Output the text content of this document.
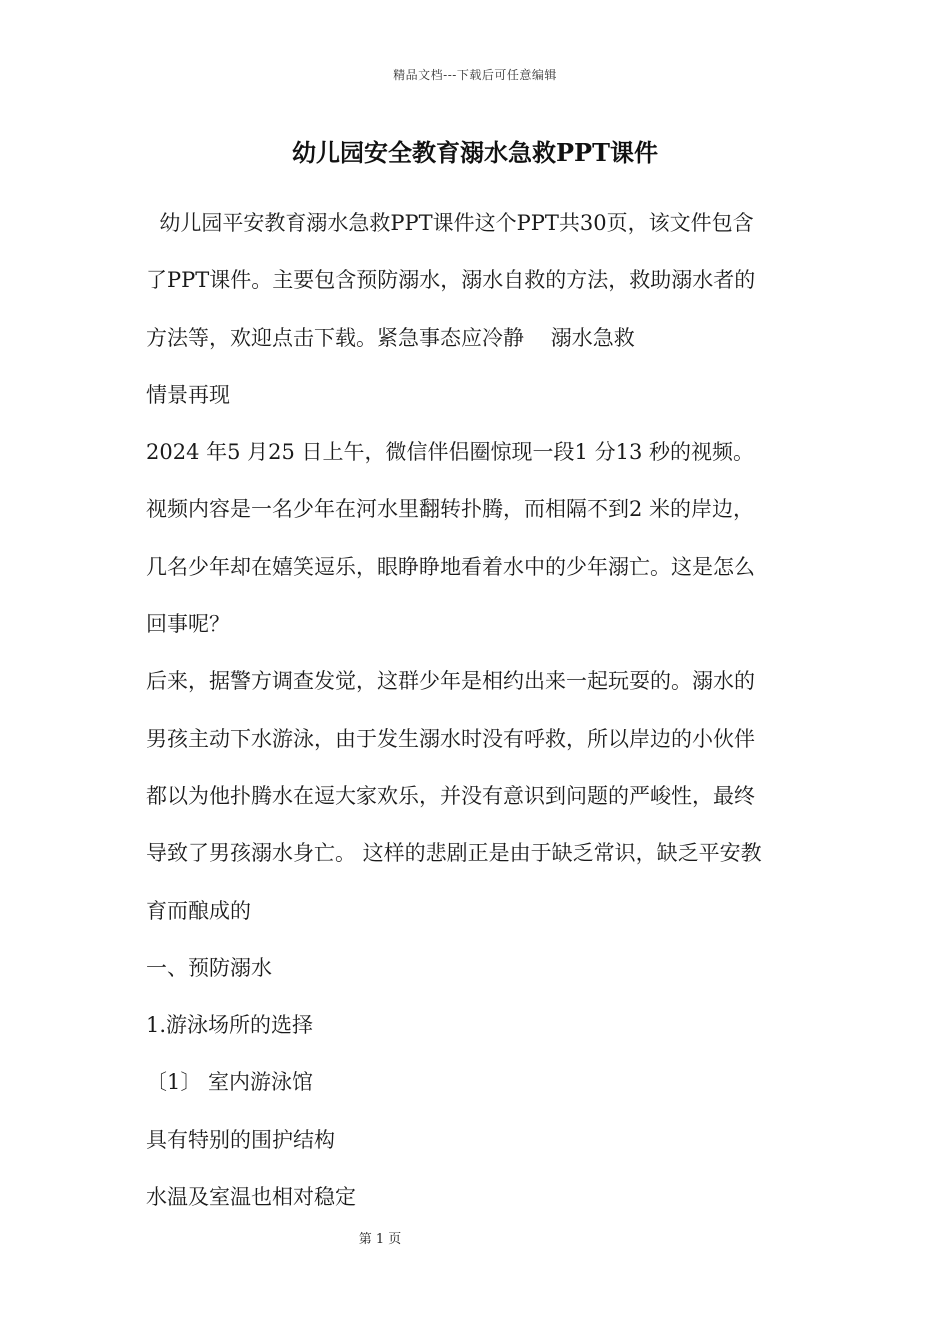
精品文档---下载后可任意编辑
幼儿园安全教育溺水急救PPT课件
幼儿园平安教育溺水急救PPT课件这个PPT共30页，该文件包含
了PPT课件。主要包含预防溺水，溺水自救的方法，救助溺水者的
方法等，欢迎点击下载。紧急事态应冷静    溺水急救
情景再现
2024 年5 月25 日上午，微信伴侣圈惊现一段1 分13 秒的视频。
视频内容是一名少年在河水里翻转扑腾，而相隔不到2 米的岸边，
几名少年却在嬉笑逗乐，眼睁睁地看着水中的少年溺亡。这是怎么
回事呢？
后来，据警方调查发觉，这群少年是相约出来一起玩耍的。溺水的
男孩主动下水游泳，由于发生溺水时没有呼救，所以岸边的小伙伴
都以为他扑腾水在逗大家欢乐，并没有意识到问题的严峻性，最终
导致了男孩溺水身亡。 这样的悲剧正是由于缺乏常识，缺乏平安教
育而酿成的
一、预防溺水
1.游泳场所的选择
〔1〕 室内游泳馆
具有特别的围护结构
水温及室温也相对稳定
第 1 页
